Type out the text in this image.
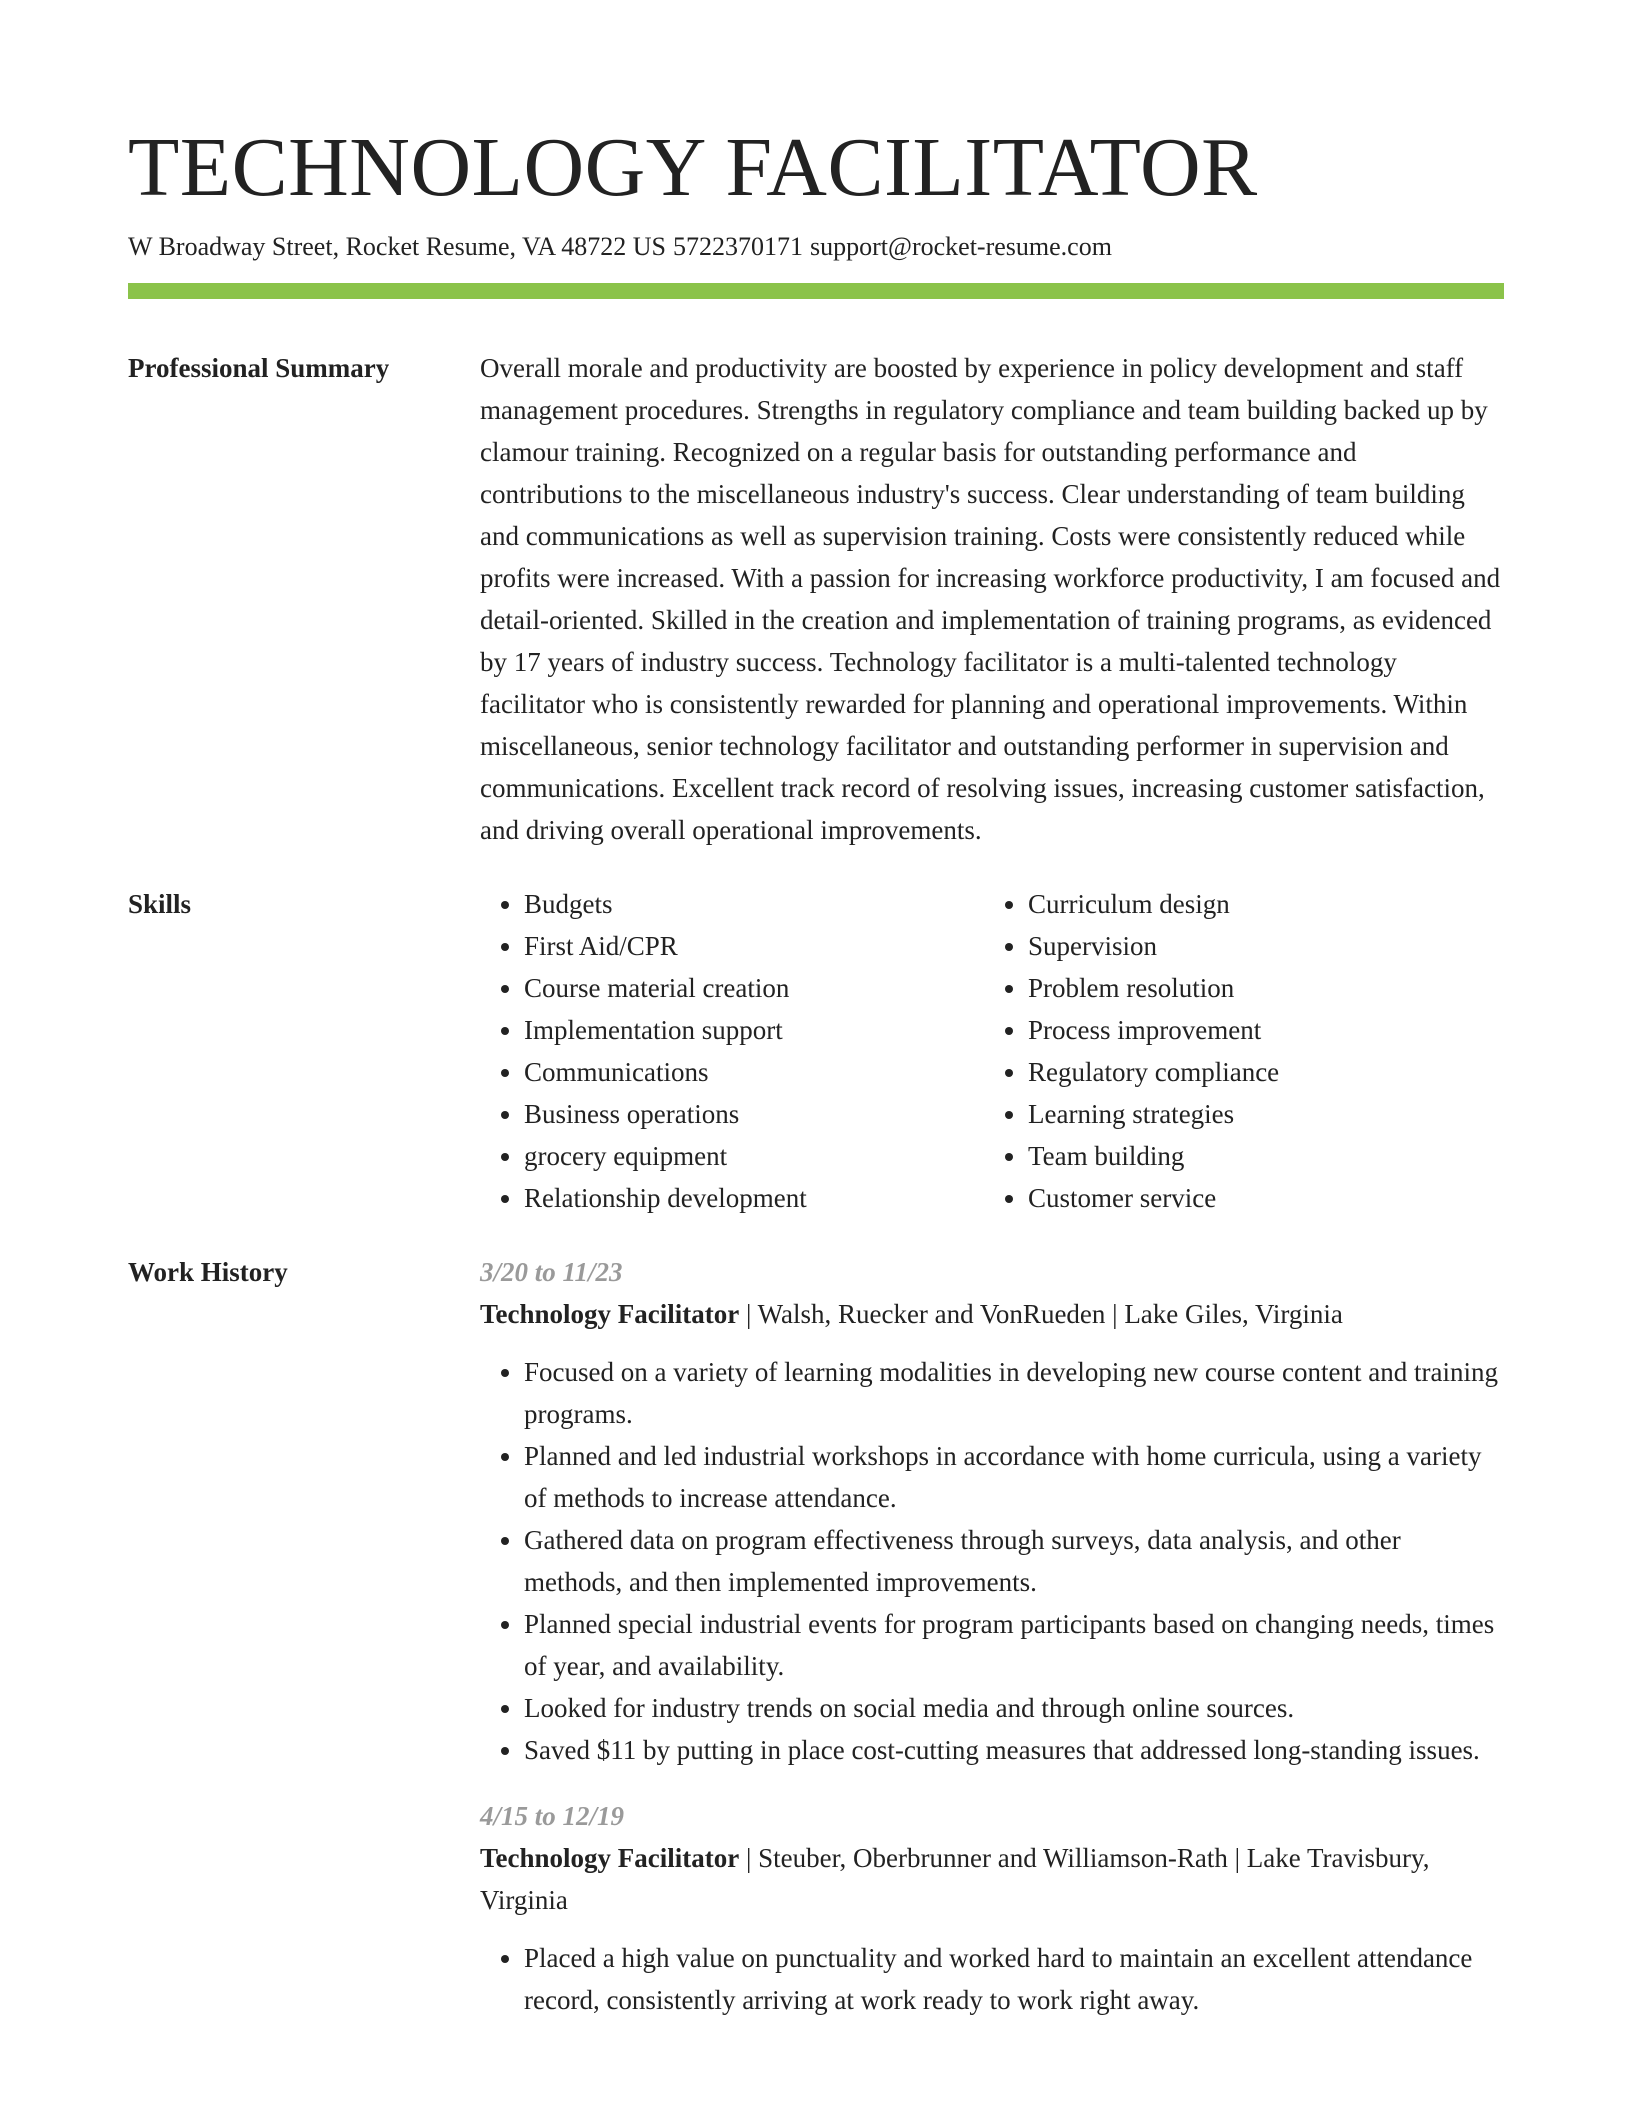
TECHNOLOGY FACILITATOR
W Broadway Street, Rocket Resume, VA 48722 US 5722370171 support@rocket-resume.com
Professional Summary	Overall morale and productivity are boosted by experience in policy development and staff management procedures. Strengths in regulatory compliance and team building backed up by clamour training. Recognized on a regular basis for outstanding performance and contributions to the miscellaneous industry's success. Clear understanding of team building and communications as well as supervision training. Costs were consistently reduced while profits were increased. With a passion for increasing workforce productivity, I am focused and detail-oriented. Skilled in the creation and implementation of training programs, as evidenced by 17 years of industry success. Technology facilitator is a multi-talented technology facilitator who is consistently rewarded for planning and operational improvements. Within miscellaneous, senior technology facilitator and outstanding performer in supervision and communications. Excellent track record of resolving issues, increasing customer satisfaction, and driving overall operational improvements.

Skills
•	Budgets
• First Aid/CPR
• Course material creation
• Implementation support
• Communications
• Business operations
• grocery equipment
• Relationship development
• Curriculum design
• Supervision
• Problem resolution
• Process improvement
• Regulatory compliance
• Learning strategies
• Team building
• Customer service
Work History	3/20 to 11/23
Technology Facilitator | Walsh, Ruecker and VonRueden | Lake Giles, Virginia
• Focused on a variety of learning modalities in developing new course content and training programs.
• Planned and led industrial workshops in accordance with home curricula, using a variety of methods to increase attendance.
• Gathered data on program effectiveness through surveys, data analysis, and other methods, and then implemented improvements.
• Planned special industrial events for program participants based on changing needs, times of year, and availability.
• Looked for industry trends on social media and through online sources.
• Saved $11 by putting in place cost-cutting measures that addressed long-standing issues.
4/15 to 12/19
Technology Facilitator | Steuber, Oberbrunner and Williamson-Rath | Lake Travisbury, Virginia
• Placed a high value on punctuality and worked hard to maintain an excellent attendance record, consistently arriving at work ready to work right away.
